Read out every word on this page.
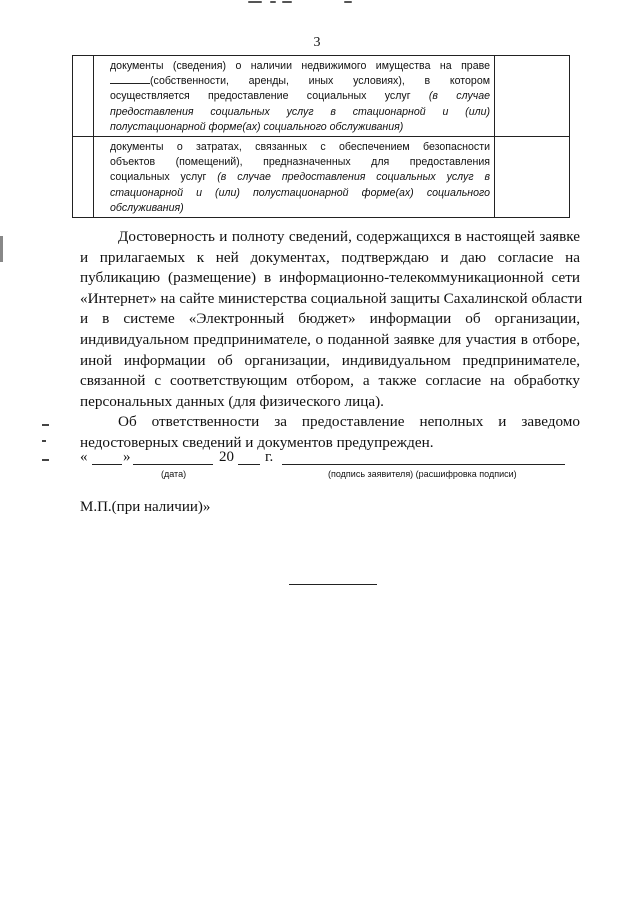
3

	документы (сведения) о наличии недвижимого имущества на праве
(собственности, аренды, иных условиях), в котором
осуществляется предоставление социальных услуг (в случае
предоставления социальных услуг в стационарной и (или)
полустационарной форме(ах) социального обслуживания)	

	документы о затратах, связанных с обеспечением безопасности
объектов (помещений), предназначенных для предоставления
социальных услуг (в случае предоставления социальных услуг в
стационарной и (или) полустационарной форме(ах) социального
обслуживания)	

Достоверность и полноту сведений, содержащихся в настоящей заявке
и прилагаемых к ней документах, подтверждаю и даю согласие на
публикацию (размещение) в информационно-телекоммуникационной сети
«Интернет» на сайте министерства социальной защиты Сахалинской области
и в системе «Электронный бюджет» информации об организации,
индивидуальном предпринимателе, о поданной заявке для участия в отборе,
иной информации об организации, индивидуальном предпринимателе,
связанной с соответствующим отбором, а также согласие на обработку
персональных данных (для физического лица).
Об ответственности за предоставление неполных и заведомо
недостоверных сведений и документов предупрежден.
« »	20 г.
(дата)	(подпись заявителя) (расшифровка подписи)
М.П.(при наличии)»
